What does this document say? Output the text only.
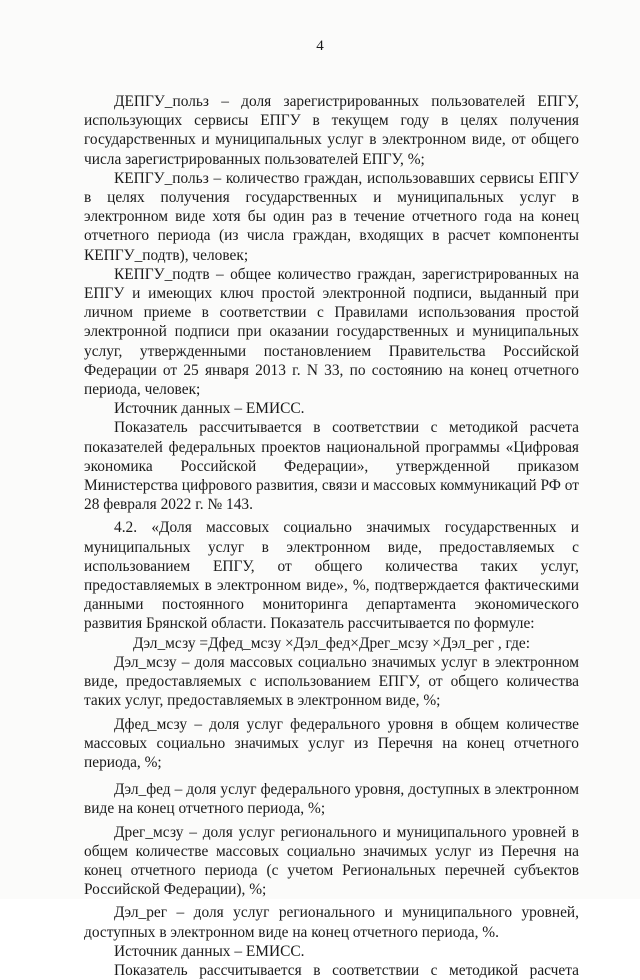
4

ДЕПГУ_польз – доля зарегистрированных пользователей ЕПГУ, использующих сервисы ЕПГУ в текущем году в целях получения государственных и муниципальных услуг в электронном виде, от общего числа зарегистрированных пользователей ЕПГУ, %;

КЕПГУ_польз – количество граждан, использовавших сервисы ЕПГУ в целях получения государственных и муниципальных услуг в электронном виде хотя бы один раз в течение отчетного года на конец отчетного периода (из числа граждан, входящих в расчет компоненты КЕПГУ_подтв), человек;

КЕПГУ_подтв – общее количество граждан, зарегистрированных на ЕПГУ и имеющих ключ простой электронной подписи, выданный при личном приеме в соответствии с Правилами использования простой электронной подписи при оказании государственных и муниципальных услуг, утвержденными постановлением Правительства Российской Федерации от 25 января 2013 г. N 33, по состоянию на конец отчетного периода, человек;

Источник данных – ЕМИСС.

Показатель рассчитывается в соответствии с методикой расчета показателей федеральных проектов национальной программы «Цифровая экономика Российской Федерации», утвержденной приказом Министерства цифрового развития, связи и массовых коммуникаций РФ от 28 февраля 2022 г. № 143.

4.2. «Доля массовых социально значимых государственных и муниципальных услуг в электронном виде, предоставляемых с использованием ЕПГУ, от общего количества таких услуг, предоставляемых в электронном виде», %, подтверждается фактическими данными постоянного мониторинга департамента экономического развития Брянской области. Показатель рассчитывается по формуле:

Дэл_мсзу =Дфед_мсзу ×Дэл_фед×Дрег_мсзу ×Дэл_рег , где:

Дэл_мсзу – доля массовых социально значимых услуг в электронном виде, предоставляемых с использованием ЕПГУ, от общего количества таких услуг, предоставляемых в электронном виде, %;

Дфед_мсзу – доля услуг федерального уровня в общем количестве массовых социально значимых услуг из Перечня на конец отчетного периода, %;

Дэл_фед – доля услуг федерального уровня, доступных в электронном виде на конец отчетного периода, %;

Дрег_мсзу – доля услуг регионального и муниципального уровней в общем количестве массовых социально значимых услуг из Перечня на конец отчетного периода (с учетом Региональных перечней субъектов Российской Федерации), %;

Дэл_рег – доля услуг регионального и муниципального уровней, доступных в электронном виде на конец отчетного периода, %.

Источник данных – ЕМИСС.

Показатель рассчитывается в соответствии с методикой расчета
